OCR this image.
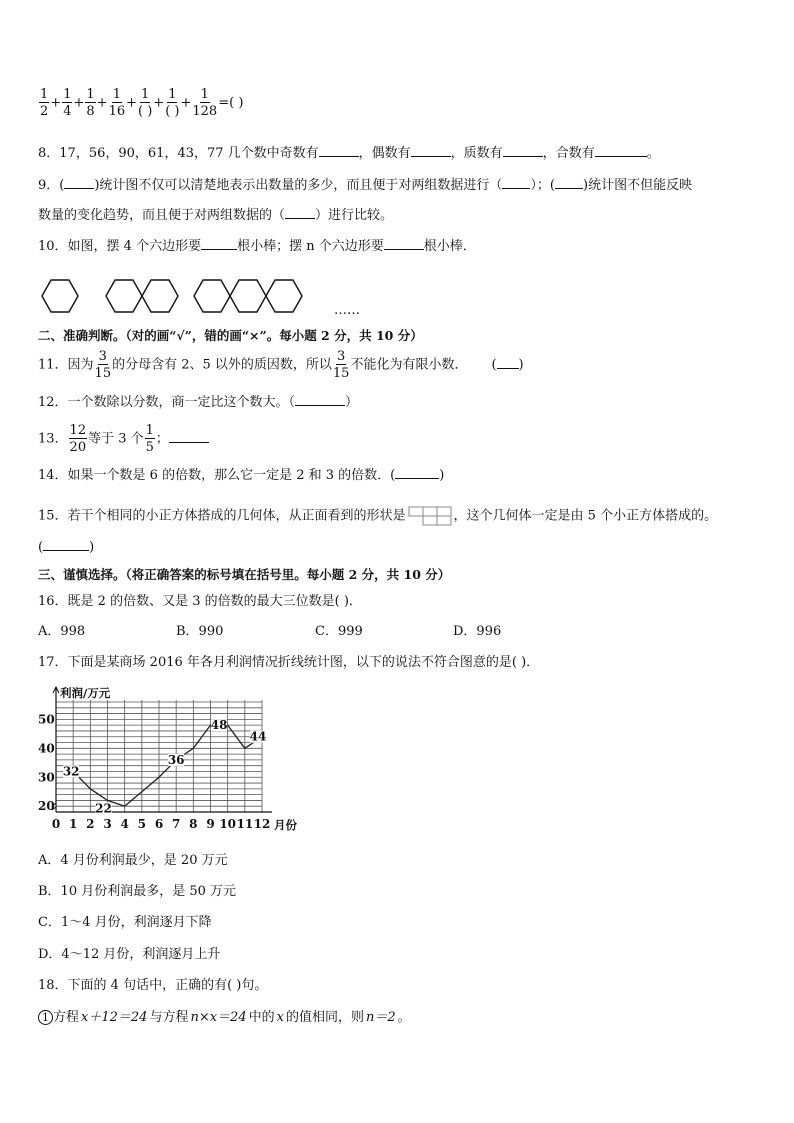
$\frac{1}{2} + \frac{1}{4} + \frac{1}{8} + \frac{1}{16} + \frac{1}{( )} + \frac{1}{( )} + \frac{1}{128}$ =( )
8．17，56，90，61，43，77 几个数中奇数有	，偶数有	，质数有	，合数有	。
9．( )统计图不仅可以清楚地表示出数量的多少，而且便于对两组数据进行（ ）；( )统计图不但能反映
数量的变化趋势，而且便于对两组数据的（ ）进行比较。
10．如图，摆 4 个六边形要	根小棒；摆 n 个六边形要	根小棒．
……
二、准确判断。（对的画“√”，错的画“×”。每小题 2 分，共 10 分）
11．因为 $\frac{3}{15}$ 的分母含有 2、5 以外的质因数，所以 $\frac{3}{15}$ 不能化为有限小数． ( )
12．一个数除以分数，商一定比这个数大。（	）
13． $\frac{12}{20}$ 等于 3 个 $\frac{1}{5}$ ；
14．如果一个数是 6 的倍数，那么它一定是 2 和 3 的倍数．(	)
15．若干个相同的小正方体搭成的几何体，从正面看到的形状是	，这个几何体一定是由 5 个小正方体搭成的。
(	)
三、谨慎选择。（将正确答案的标号填在括号里。每小题 2 分，共 10 分）
16．既是 2 的倍数、又是 3 的倍数的最大三位数是( )．
A．998	B．990	C．999	D．996
17．下面是某商场 2016 年各月利润情况折线统计图，以下的说法不符合图意的是( )．
利润/万元
20
30
40
50
0 1 2 3 4 5 6 7 8 9 10 11 12 月份
32
22
36
48
44
A．4 月份利润最少，是 20 万元
B．10 月份利润最多，是 50 万元
C．1～4 月份，利润逐月下降
D．4～12 月份，利润逐月上升
18．下面的 4 句话中，正确的有( )句。
1 方程 x＋12＝24 与方程 n×x＝24 中的 x 的值相同，则 n＝2 。
